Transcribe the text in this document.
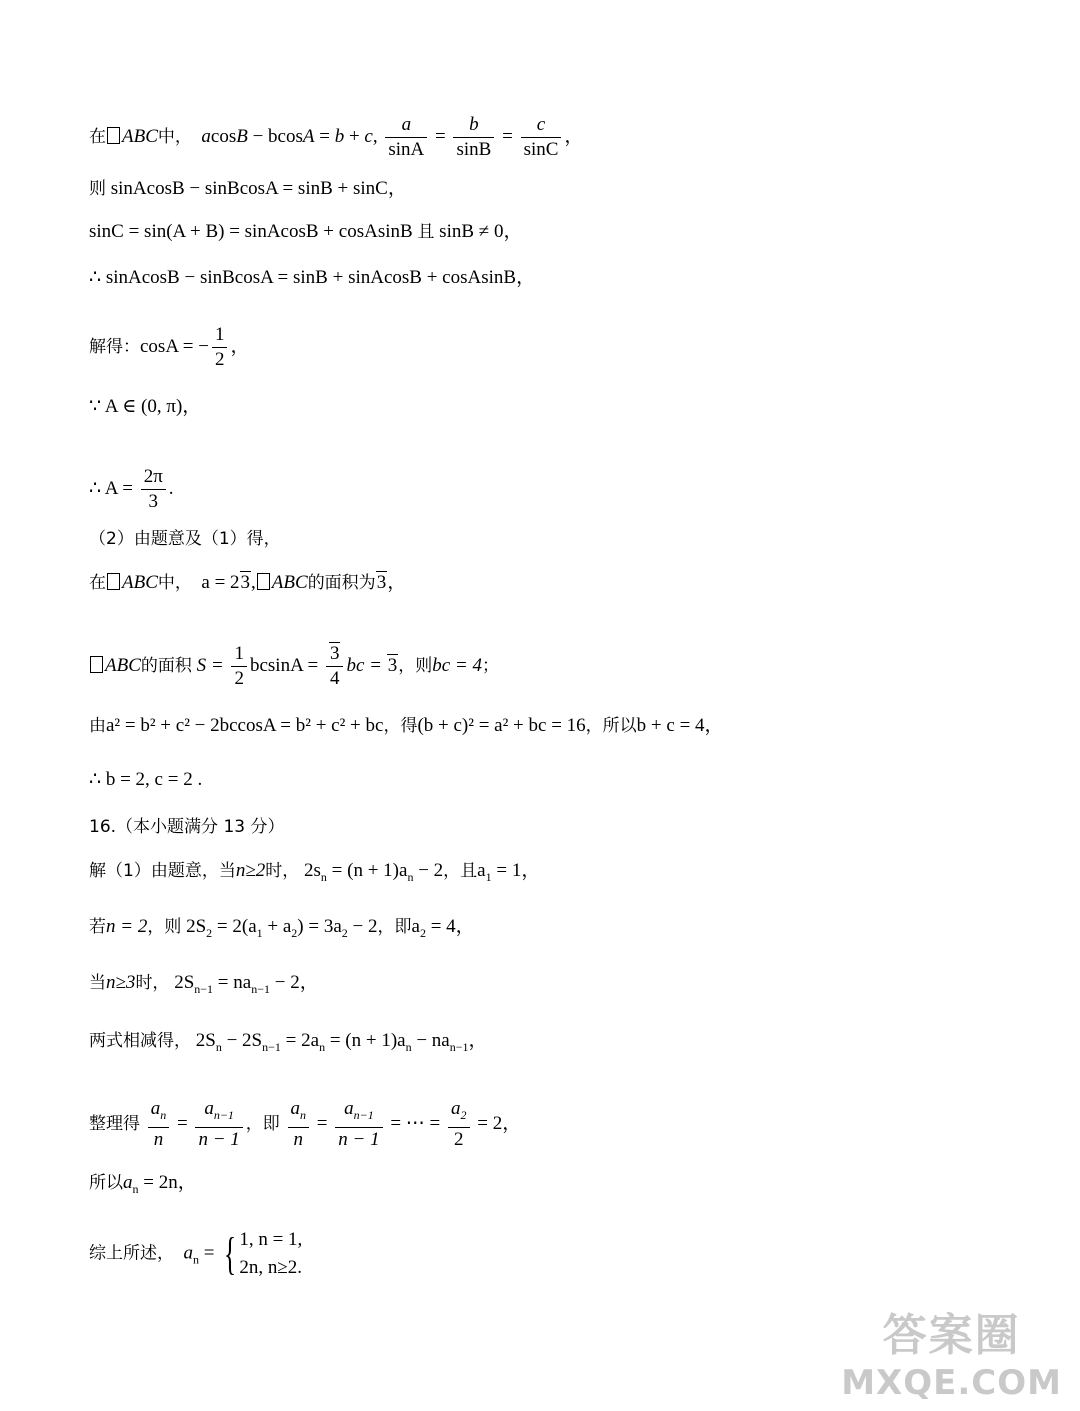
在 ABC中， acosB − bcosA = b + c, $\frac{a}{\sin A} = \frac{b}{\sin B} = \frac{c}{\sin C}$ ，
则 sinAcosB − sinBcosA = sinB + sinC，
sinC = sin(A + B) = sinAcosB + cosAsinB 且 sinB ≠ 0，
∴ sinAcosB − sinBcosA = sinB + sinAcosB + cosAsinB，
解得：cosA = − $\frac{1}{2}$ ，
∵ A ∈ (0, π)，
∴ $A = \frac{2\pi}{3}$ .
（2）由题意及（1）得，
在 ABC中， a = 23, ABC的面积为3，
ABC的面积 $S = \frac{1}{2}$ $bcsinA = \frac{3}{4}$ bc = 3，则bc = 4；
由a² = b² + c² − 2bccosA = b² + c² + bc，得(b + c)² = a² + bc = 16，所以b + c = 4，
∴ b = 2, c = 2 .
16.（本小题满分 13 分）
解（1）由题意，当n≥2时， $2s_n = (n + 1)a_n - 2$，且$a_1 = 1$，
若n = 2，则 $2S_2 = 2(a_1 + a_2) = 3a_2 - 2$，即$a_2 = 4$，
当n≥3时， $2S_{n-1} = na_{n-1} - 2$，
两式相减得， $2S_n - 2S_{n-1} = 2a_n = (n + 1)a_n - na_{n-1}$，
整理得 $\frac{a_n}{n} = \frac{a_{n-1}}{n - 1}$ ，即 $\frac{a_n}{n} = \frac{a_{n-1}}{n - 1}$ = ⋯ = $\frac{a_2}{2} = 2$，
所以$a_n = 2n$，
综上所述， $a_n$ = { 1, n = 1,
2n, n≥2.
答案圈
MXQE.COM
